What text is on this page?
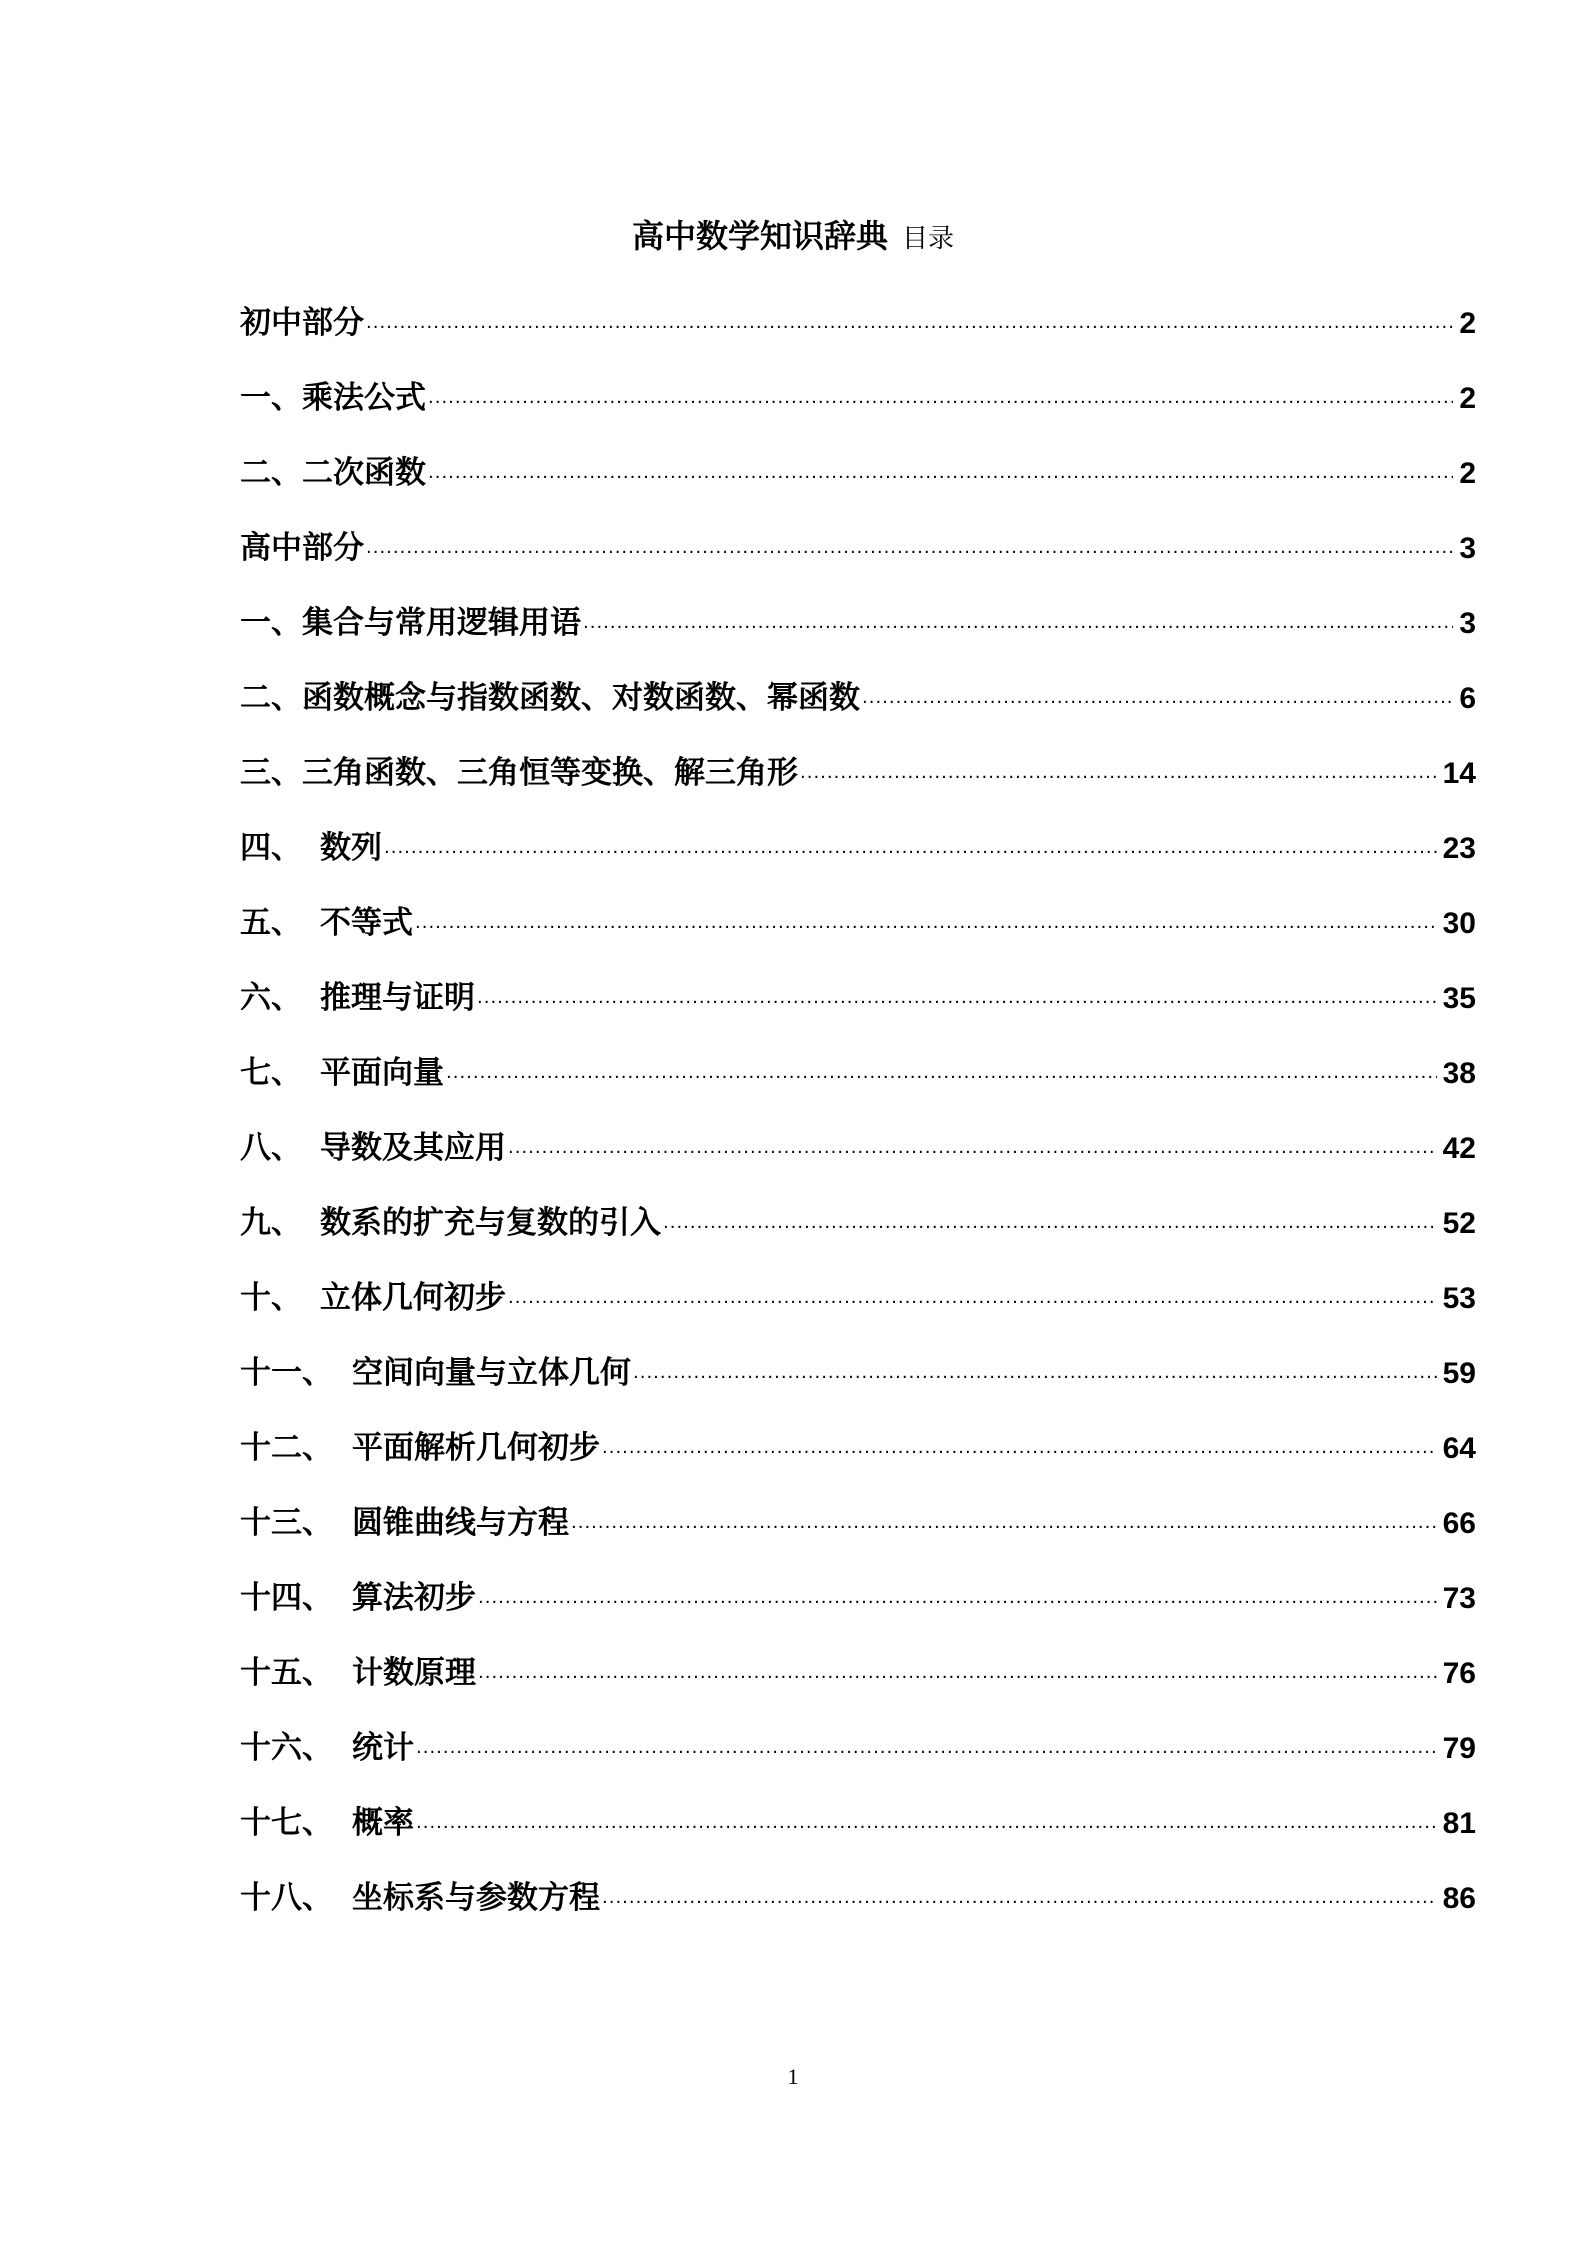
高中数学知识辞典 目录
初中部分 ·····	2
一、 乘法公式 ·····	2
二、 二次函数 ·····	2
高中部分 ·····	3
一、 集合与常用逻辑用语 ·····	3
二、 函数概念与指数函数、对数函数、幂函数 ·····	6
三、 三角函数、三角恒等变换、解三角形 ·····	14
四、 数列 ·····	23
五、 不等式 ·····	30
六、 推理与证明 ·····	35
七、 平面向量 ·····	38
八、 导数及其应用 ·····	42
九、 数系的扩充与复数的引入 ·····	52
十、 立体几何初步 ·····	53
十一、 空间向量与立体几何 ·····	59
十二、 平面解析几何初步 ·····	64
十三、 圆锥曲线与方程 ·····	66
十四、 算法初步 ·····	73
十五、 计数原理 ·····	76
十六、 统计 ·····	79
十七、 概率 ·····	81
十八、 坐标系与参数方程 ·····	86
1
